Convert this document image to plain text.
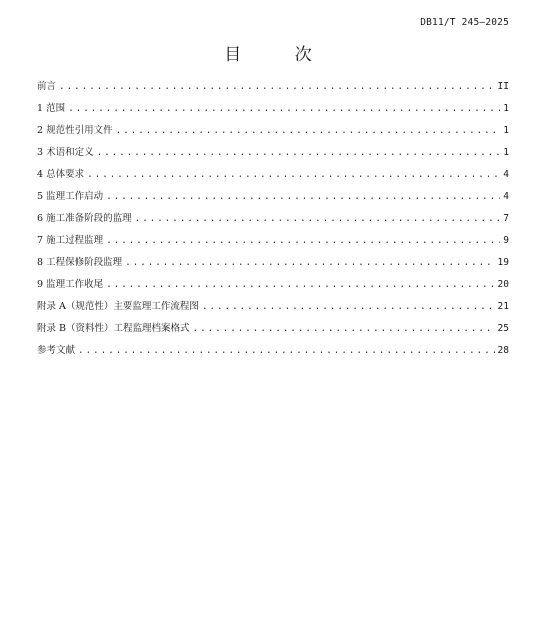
DB11/T 245—2025
目 次
前言 .....	II
1 范围 .....	1
2 规范性引用文件 .....	1
3 术语和定义 .....	1
4 总体要求 .....	4
5 监理工作启动 .....	4
6 施工准备阶段的监理 .....	7
7 施工过程监理 .....	9
8 工程保修阶段监理 .....	19
9 监理工作收尾 .....	20
附录 A（规范性）主要监理工作流程图 .....	21
附录 B（资料性）工程监理档案格式 .....	25
参考文献 .....	28
